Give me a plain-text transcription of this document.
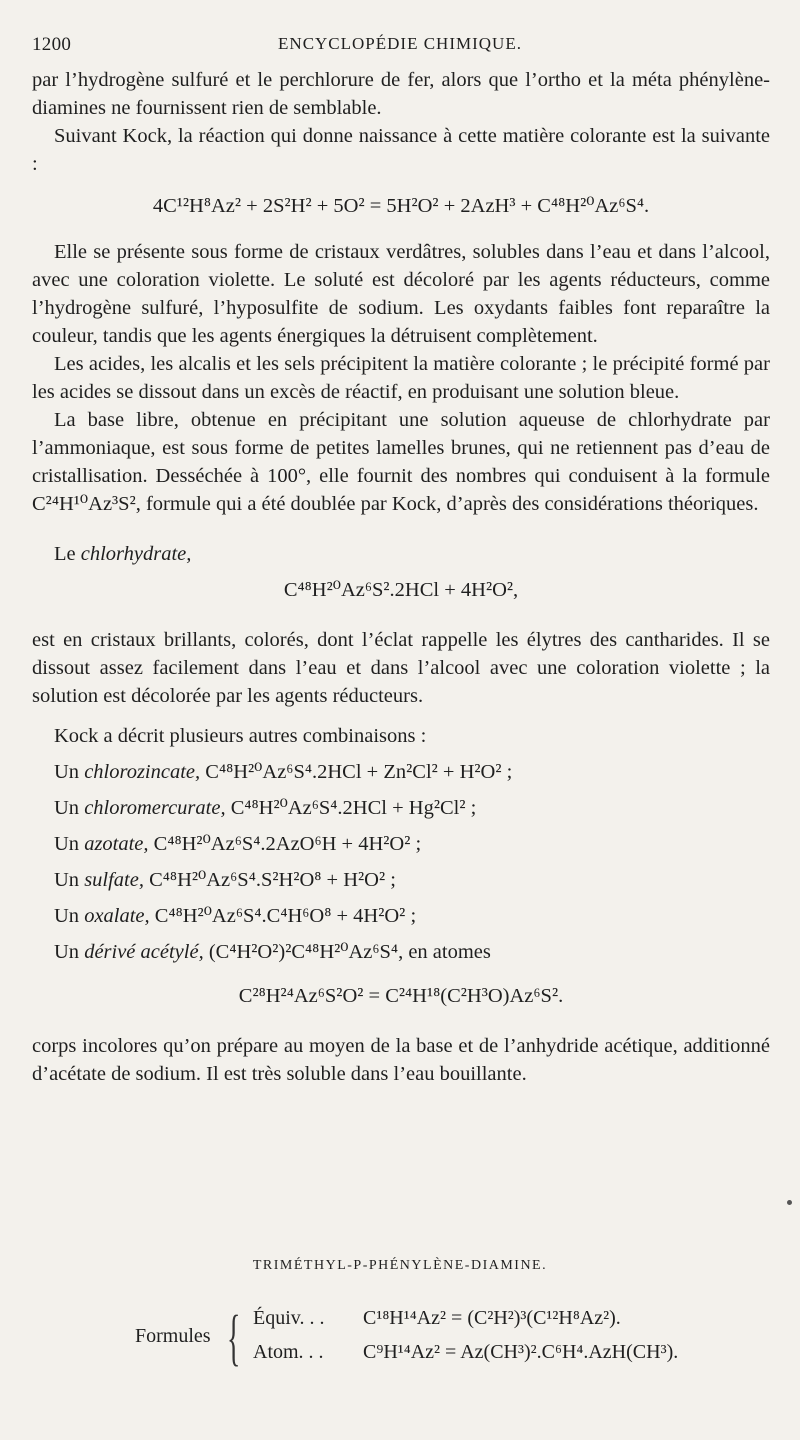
1200	ENCYCLOPÉDIE CHIMIQUE.

par l’hydrogène sulfuré et le perchlorure de fer, alors que l’ortho et la méta phénylène-diamines ne fournissent rien de semblable.

Suivant Kock, la réaction qui donne naissance à cette matière colorante est la suivante :

4C¹²H⁸Az² + 2S²H² + 5O² = 5H²O² + 2AzH³ + C⁴⁸H²⁰Az⁶S⁴.

Elle se présente sous forme de cristaux verdâtres, solubles dans l’eau et dans l’alcool, avec une coloration violette. Le soluté est décoloré par les agents réducteurs, comme l’hydrogène sulfuré, l’hyposulfite de sodium. Les oxydants faibles font reparaître la couleur, tandis que les agents énergiques la détruisent complètement.

Les acides, les alcalis et les sels précipitent la matière colorante ; le précipité formé par les acides se dissout dans un excès de réactif, en produisant une solution bleue.

La base libre, obtenue en précipitant une solution aqueuse de chlorhydrate par l’ammoniaque, est sous forme de petites lamelles brunes, qui ne retiennent pas d’eau de cristallisation. Desséchée à 100°, elle fournit des nombres qui conduisent à la formule C²⁴H¹⁰Az³S², formule qui a été doublée par Kock, d’après des considérations théoriques.

Le chlorhydrate,

C⁴⁸H²⁰Az⁶S².2HCl + 4H²O²,

est en cristaux brillants, colorés, dont l’éclat rappelle les élytres des cantharides. Il se dissout assez facilement dans l’eau et dans l’alcool avec une coloration violette ; la solution est décolorée par les agents réducteurs.

Kock a décrit plusieurs autres combinaisons :
Un chlorozincate, C⁴⁸H²⁰Az⁶S⁴.2HCl + Zn²Cl² + H²O² ;
Un chloromercurate, C⁴⁸H²⁰Az⁶S⁴.2HCl + Hg²Cl² ;
Un azotate, C⁴⁸H²⁰Az⁶S⁴.2AzO⁶H + 4H²O² ;
Un sulfate, C⁴⁸H²⁰Az⁶S⁴.S²H²O⁸ + H²O² ;
Un oxalate, C⁴⁸H²⁰Az⁶S⁴.C⁴H⁶O⁸ + 4H²O² ;
Un dérivé acétylé, (C⁴H²O²)²C⁴⁸H²⁰Az⁶S⁴, en atomes

C²⁸H²⁴Az⁶S²O² = C²⁴H¹⁸(C²H³O)Az⁶S².

corps incolores qu’on prépare au moyen de la base et de l’anhydride acétique, additionné d’acétate de sodium. Il est très soluble dans l’eau bouillante.

TRIMÉTHYL-P-PHÉNYLÈNE-DIAMINE.
Formules { Équiv. . . C¹⁸H¹⁴Az² = (C²H²)³(C¹²H⁸Az²).
Atom. . . C⁹H¹⁴Az² = Az(CH³)².C⁶H⁴.AzH(CH³).
